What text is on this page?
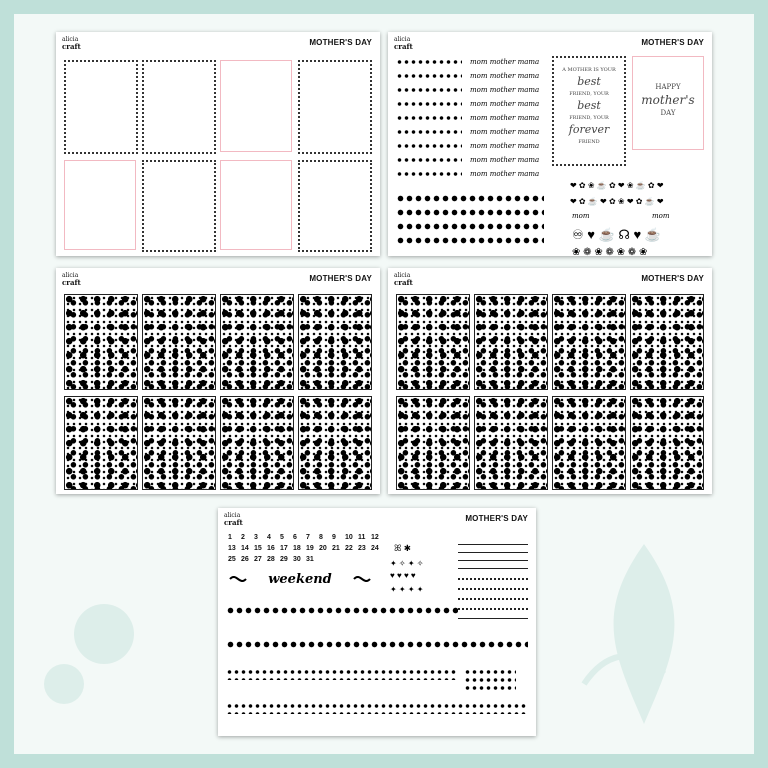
alicia
craft	MOTHER'S DAY	alicia
craft	MOTHER'S DAY
mom mother mama
mom mother mama
mom mother mama
mom mother mama
mom mother mama
mom mother mama
mom mother mama
mom mother mama
mom mother mama
A MOTHER IS YOUR
best
FRIEND, YOUR
best
FRIEND, YOUR
forever
FRIEND
HAPPY
mother's
DAY
❤ ✿ ❀ ☕ ✿ ❤ ❀ ☕ ✿ ❤
❤ ✿ ☕ ❤ ✿ ❀ ❤ ✿ ☕ ❤
mom	mom
♾ ♥ ☕ ☊ ♥ ☕
❀ ❁ ❀ ❁ ❀ ❁ ❀
alicia
craft	MOTHER'S DAY	alicia
craft	MOTHER'S DAY
alicia
craft	MOTHER'S DAY
1 2 3 4 5 6 7 8 9 10 11 12
13 14 15 16 17 18 19 20 21 22 23 24
25 26 27 28 29 30 31
weekend
ꕤ ✱
✦ ✧ ✦ ✧
♥ ♥ ♥ ♥
✦ ✦ ✦ ✦
